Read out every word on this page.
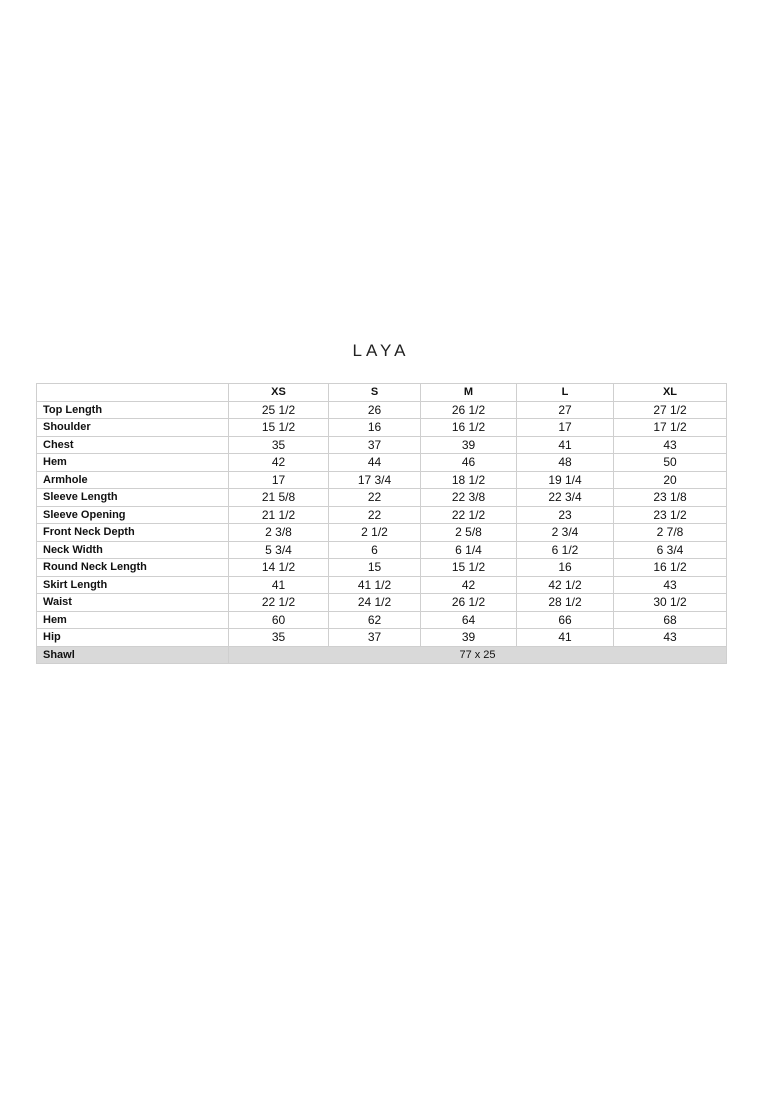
LAYA
	XS	S	M	L	XL
Top Length	25 1/2	26	26 1/2	27	27 1/2
Shoulder	15 1/2	16	16 1/2	17	17 1/2
Chest	35	37	39	41	43
Hem	42	44	46	48	50
Armhole	17	17 3/4	18 1/2	19 1/4	20
Sleeve Length	21 5/8	22	22 3/8	22 3/4	23 1/8
Sleeve Opening	21 1/2	22	22 1/2	23	23 1/2
Front Neck Depth	2 3/8	2 1/2	2 5/8	2 3/4	2 7/8
Neck Width	5 3/4	6	6 1/4	6 1/2	6 3/4
Round Neck Length	14 1/2	15	15 1/2	16	16 1/2
Skirt Length	41	41 1/2	42	42 1/2	43
Waist	22 1/2	24 1/2	26 1/2	28 1/2	30 1/2
Hem	60	62	64	66	68
Hip	35	37	39	41	43
Shawl	77 x 25				
